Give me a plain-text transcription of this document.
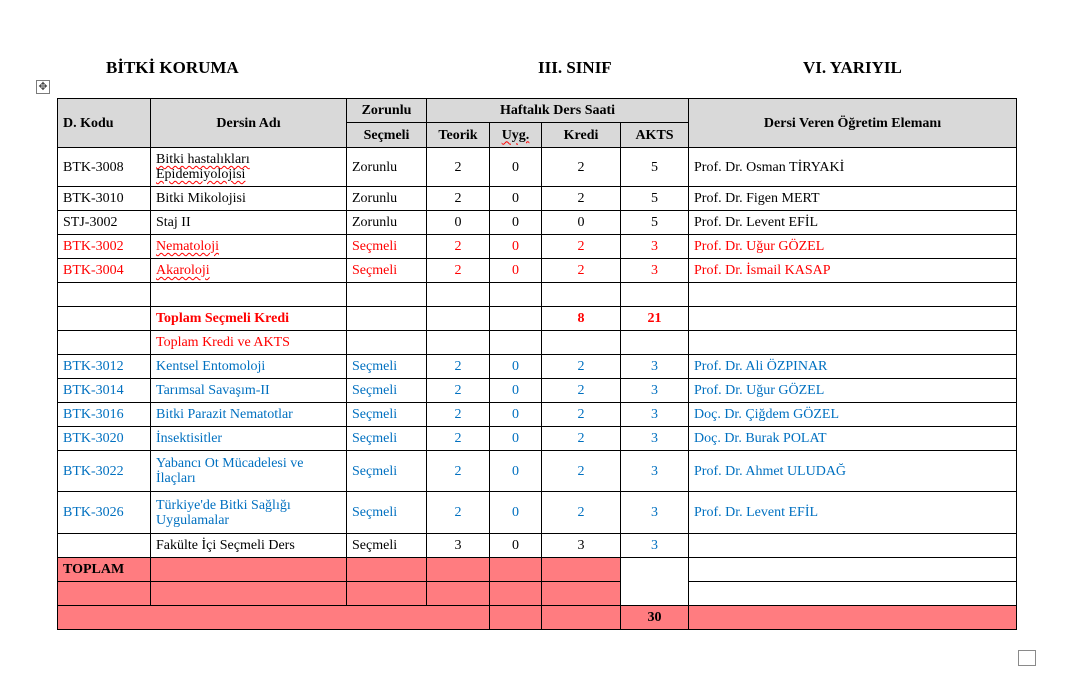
BİTKİ KORUMA	III. SINIF	VI. YARIYIL
✥
D. Kodu	Dersin Adı	Zorunlu	Haftalık Ders Saati				Dersi Veren Öğretim Elemanı
		Seçmeli	Teorik	Uyg.	Kredi	AKTS	
BTK-3008	Bitki hastalıkları Epidemiyolojisi	Zorunlu	2	0	2	5	Prof. Dr. Osman TİRYAKİ
BTK-3010	Bitki Mikolojisi	Zorunlu	2	0	2	5	Prof. Dr. Figen MERT
STJ-3002	Staj II	Zorunlu	0	0	0	5	Prof. Dr. Levent EFİL
BTK-3002	Nematoloji	Seçmeli	2	0	2	3	Prof. Dr. Uğur GÖZEL
BTK-3004	Akaroloji	Seçmeli	2	0	2	3	Prof. Dr. İsmail KASAP

	Toplam Seçmeli Kredi				8	21	
	Toplam Kredi ve AKTS						
BTK-3012	Kentsel Entomoloji	Seçmeli	2	0	2	3	Prof. Dr. Ali ÖZPINAR
BTK-3014	Tarımsal Savaşım-II	Seçmeli	2	0	2	3	Prof. Dr. Uğur GÖZEL
BTK-3016	Bitki Parazit Nematotlar	Seçmeli	2	0	2	3	Doç. Dr. Çiğdem GÖZEL
BTK-3020	İnsektisitler	Seçmeli	2	0	2	3	Doç. Dr. Burak POLAT
BTK-3022	Yabancı Ot Mücadelesi ve İlaçları	Seçmeli	2	0	2	3	Prof. Dr. Ahmet ULUDAĞ
BTK-3026	Türkiye'de Bitki Sağlığı Uygulamalar	Seçmeli	2	0	2	3	Prof. Dr. Levent EFİL
	Fakülte İçi Seçmeli Ders	Seçmeli	3	0	3	3	
TOPLAM							

						30	
